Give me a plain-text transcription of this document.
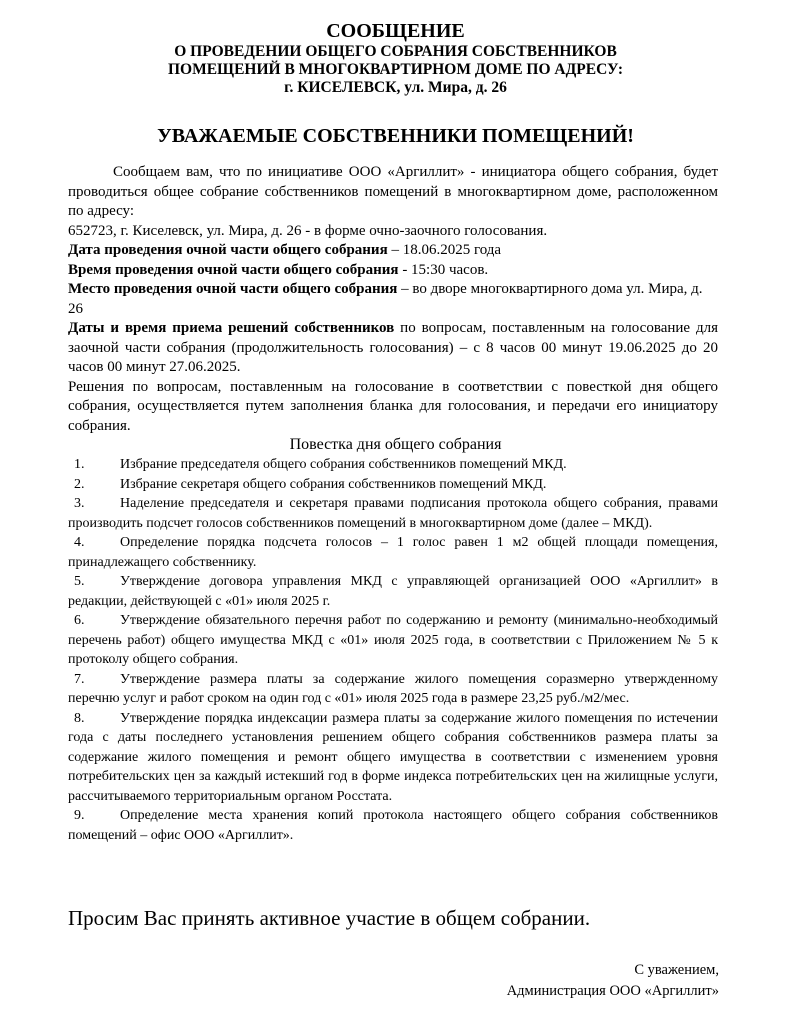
СООБЩЕНИЕ
О ПРОВЕДЕНИИ ОБЩЕГО СОБРАНИЯ СОБСТВЕННИКОВ
ПОМЕЩЕНИЙ В МНОГОКВАРТИРНОМ ДОМЕ ПО АДРЕСУ:
г. КИСЕЛЕВСК, ул. Мира, д. 26
УВАЖАЕМЫЕ СОБСТВЕННИКИ ПОМЕЩЕНИЙ!

Сообщаем вам, что по инициативе ООО «Аргиллит» - инициатора общего собрания, будет проводиться общее собрание собственников помещений в многоквартирном доме, расположенном по адресу:

652723, г. Киселевск, ул. Мира, д. 26 - в форме очно-заочного голосования.

Дата проведения очной части общего собрания – 18.06.2025 года

Время проведения очной части общего собрания - 15:30 часов.

Место проведения очной части общего собрания – во дворе многоквартирного дома ул. Мира, д. 26

Даты и время приема решений собственников по вопросам, поставленным на голосование для заочной части собрания (продолжительность голосования) – с 8 часов 00 минут 19.06.2025 до 20 часов 00 минут 27.06.2025.

Решения по вопросам, поставленным на голосование в соответствии с повесткой дня общего собрания, осуществляется путем заполнения бланка для голосования, и передачи его инициатору собрания.

Повестка дня общего собрания

1.	Избрание председателя общего собрания собственников помещений МКД.

2.	Избрание секретаря общего собрания собственников помещений МКД.

3.	Наделение председателя и секретаря правами подписания протокола общего собрания, правами производить подсчет голосов собственников помещений в многоквартирном доме (далее – МКД).

4.	Определение порядка подсчета голосов – 1 голос равен 1 м2 общей площади помещения, принадлежащего собственнику.

5.	Утверждение договора управления МКД с управляющей организацией ООО «Аргиллит» в редакции, действующей с «01» июля 2025 г.

6.	Утверждение обязательного перечня работ по содержанию и ремонту (минимально-необходимый перечень работ) общего имущества МКД с «01» июля 2025 года, в соответствии с Приложением № 5 к протоколу общего собрания.

7.	Утверждение размера платы за содержание жилого помещения соразмерно утвержденному перечню услуг и работ сроком на один год с «01» июля 2025 года в размере 23,25 руб./м2/мес.

8.	Утверждение порядка индексации размера платы за содержание жилого помещения по истечении года с даты последнего установления решением общего собрания собственников размера платы за содержание жилого помещения и ремонт общего имущества в соответствии с изменением уровня потребительских цен за каждый истекший год в форме индекса потребительских цен на жилищные услуги, рассчитываемого территориальным органом Росстата.

9.	Определение места хранения копий протокола настоящего общего собрания собственников помещений – офис ООО «Аргиллит».

Просим Вас принять активное участие в общем собрании.
С уважением,
Администрация ООО «Аргиллит»
